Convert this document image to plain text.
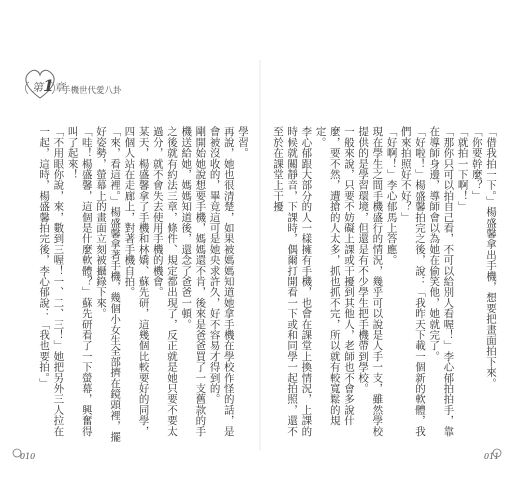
第1章
手機世代愛八卦
學習。
再說，她也很清楚，如果被媽媽知道她拿手機在學校作怪的話，是會被沒收的，畢竟這可是她央求許久，好不容易才得到的。
剛開始她說想要手機，媽媽還不肯，後來是爸爸買了一支舊款的手機送給她，媽媽知道後，還念了爸爸一頓。
之後就有約法三章，條件、規定都出現了，反正就是她只要不要太過分，就不會失去使用手機的機會。
某天，楊盛馨拿了手機和林嬌、蘇先研，這幾個比較要好的同學，四個人站在走廊上，對著手機自拍。
「來，看這裡。」楊盛馨拿著手機，幾個小女生全部擠在鏡頭裡，擺好姿勢，螢幕上的畫面立刻被攝錄下來。
「哇！楊盛馨，這個是什麼軟體？」蘇先研看了一下螢幕，興奮得叫了起來！
「不用眼你說，來，數到三喔！一、二、三！」她把另外三人拉在一起，這時，楊盛馨拍完後，李心郁說：「我也要拍。」
010
「借我拍一下。」楊盛馨拿出手機，想要把畫面拍下來。
「你要幹麼？」
「就拍一下啊！」
「那你只可以拍自己看，不可以給別人看喔！」李心郁拍拍手，靠在導師身邊，導師會以為她在偷笑他，她就完了。
「好啦！」楊盛馨拍完之後，說：「我昨天下載一個新的軟體，我們來拍照好不好？」
「好啊！」李心郁馬上答應。
現在學生之間手機盛行的情況，幾乎可以說是人手一支，雖然學校提供的是學習環境，但還是有不少學生把手機帶到學校。
一般來說，只要不妨礙上課或干擾到其他人，老師也不會多說什麼，要不然，遭搶的人太多，抓也抓不完，所以就有較寬鬆的規定。
李心郁跟大部分的人一樣擁有手機，也會在課堂上換情況，上課的時候就關靜音，下課時，偶爾打開看一下或和同學一起拍照，還不至於在課堂上干擾
011
